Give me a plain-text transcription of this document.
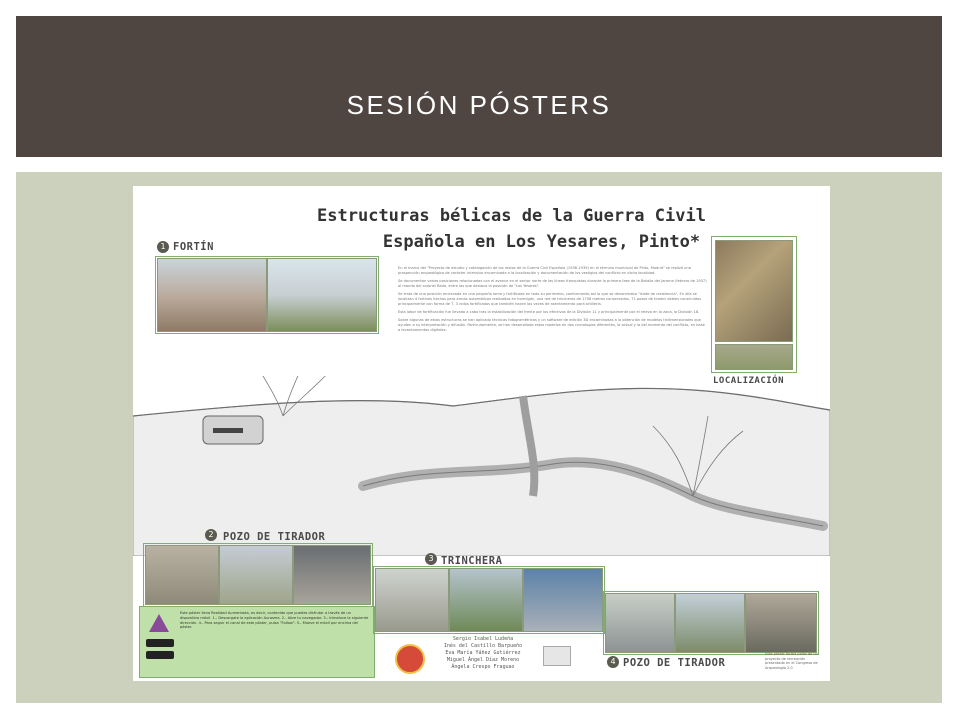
SESIÓN PÓSTERS
Estructuras bélicas de la Guerra Civil
Española en Los Yesares, Pinto*
1 FORTÍN
LOCALIZACIÓN

En el marco del "Proyecto de estudio y catalogación de los restos de la Guerra Civil Española (1936-1939) en el término municipal de Pinto, Madrid" se realizó una prospección arqueológica de carácter intensivo encaminada a la localización y documentación de los vestigios del conflicto en dicha localidad.

Se documentan varias posiciones relacionadas con el avance en el sector norte de las líneas franquistas durante la primera fase de la Batalla del Jarama (febrero de 1937) al mando del coronel Rada, entre las que destaca la posición de "Los Yesares".

Se trata de una posición enclavada en una pequeña loma y fortificada en todo su perímetro, conformando así lo que se denominaba "islote de resistencia". En ella se localizan 4 fortines hechos para armas automáticas realizados en hormigón, una red de trincheras de 1708 metros conservados, 71 pozos de tirador dobles construidos principalmente con forma de T, 3 nidos fortificados que también hacen las veces de asentamiento para artillería.

Esta labor de fortificación fue llevada a cabo tras la estabilización del frente por los efectivos de la División 11 y principalmente por el relevo en la zona, la División 18.

Sobre algunas de estas estructuras se han aplicado técnicas fotogramétricas y un software de edición 3D encaminadas a la obtención de modelos tridimensionales que ayuden a su interpretación y difusión. Particularmente, se han desarrollado estos modelos en dos cronologías diferentes, la actual y la del momento del conflicto, en base a levantamientos digitales.

2 POZO DE TIRADOR
Este póster lleva Realidad Aumentada, es decir, contenido que puedes disfrutar a través de un dispositivo móvil. 1.- Descargate la aplicación Aurasma. 2.- Abre tu navegador. 3.- Introduce la siguiente dirección. 4.- Para seguir el canal de este póster, pulsa "Follow". 5.- Mueve el móvil por encima del póster.
Sergio Isabel Ludeña
Inés del Castillo Barpueño
Eva María Yáñez Gutiérrez
Miguel Ángel Díaz Moreno
Ángela Crespo Fraguas
3 TRINCHERA
4 POZO DE TIRADOR
Este póster forma parte de un proyecto de recreación presentado en el Congreso de Arqueología 2.0
